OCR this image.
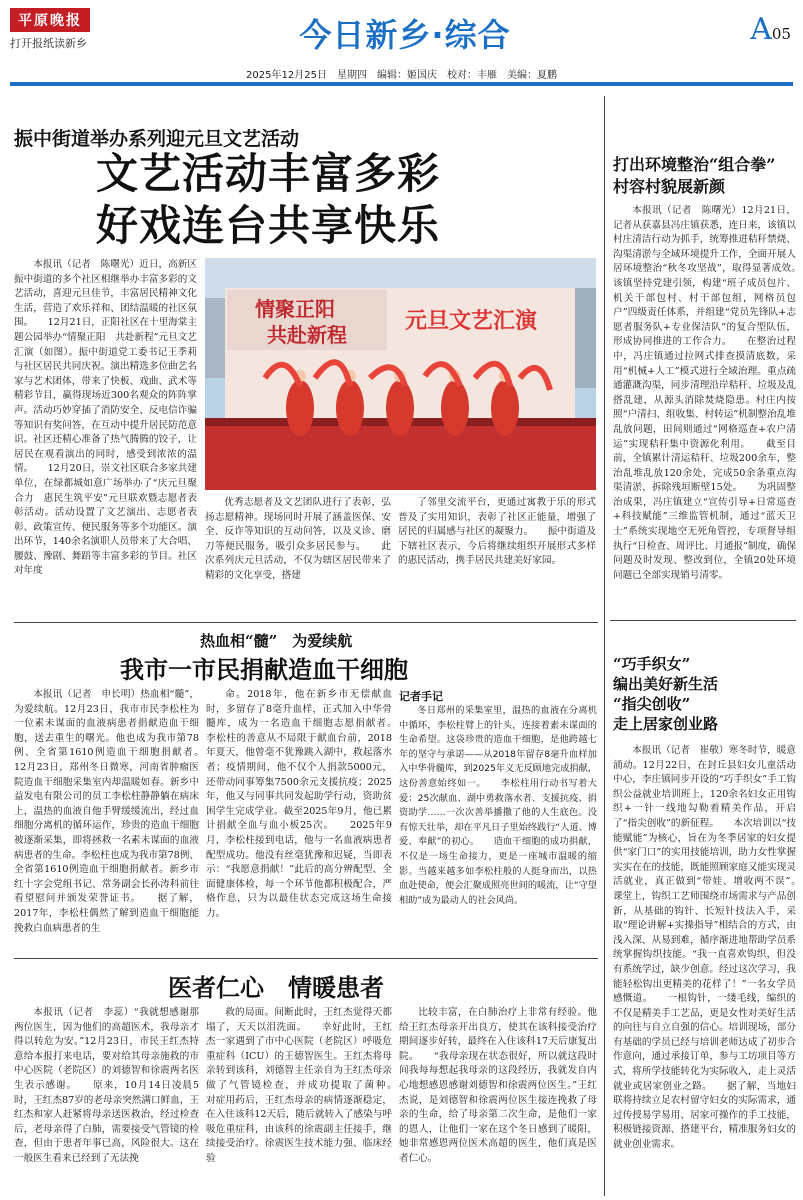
平原晚报
打开报纸读新乡	今日新乡·综合	A05
2025年12月25日　星期四　编辑：姬国庆　校对：丰雁　美编：夏鹏
振中街道举办系列迎元旦文艺活动
文艺活动丰富多彩
好戏连台共享快乐

本报讯（记者　陈曙光）近日，高新区振中街道的多个社区相继举办丰富多彩的文艺活动，喜迎元旦佳节，丰富居民精神文化生活，营造了欢乐祥和、团结温暖的社区氛围。　　12月21日，正阳社区在十里海棠主题公园举办“情聚正阳　共赴新程”元旦文艺汇演（如图）。振中街道党工委书记王季莉与社区居民共同庆祝。演出精选多位曲艺名家与艺术团体，带来了快板、戏曲、武术等精彩节目，赢得现场近300名观众的阵阵掌声。活动巧妙穿插了消防安全、反电信诈骗等知识有奖问答，在互动中提升居民防范意识。社区还精心准备了热气腾腾的饺子，让居民在观看演出的同时，感受到浓浓的温情。　　12月20日，崇文社区联合多家共建单位，在绿都城如意广场举办了“庆元旦聚合力　惠民生筑平安”元旦联欢暨志愿者表彰活动。活动设置了文艺演出、志愿者表彰、政策宣传、便民服务等多个功能区。演出环节，140余名演职人员带来了大合唱、腰鼓、豫剧、舞蹈等丰富多彩的节目。社区对年度

情聚正阳
共赴新程
元旦文艺汇演

优秀志愿者及文艺团队进行了表彰，弘扬志愿精神。现场同时开展了涵盖医保、安全、反诈等知识的互动问答，以及义诊、磨刀等便民服务，吸引众多居民参与。　　此次系列庆元旦活动，不仅为辖区居民带来了精彩的文化享受，搭建

了邻里交流平台，更通过寓教于乐的形式普及了实用知识，表彰了社区正能量，增强了居民的归属感与社区的凝聚力。　　振中街道及下辖社区表示，今后将继续组织开展形式多样的惠民活动，携手居民共建美好家园。

打出环境整治“组合拳”
村容村貌展新颜

本报讯（记者　陈曙光）12月21日，记者从获嘉县冯庄镇获悉，连日来，该镇以村庄清洁行动为抓手，统筹推进秸秆禁烧、沟渠清淤与全域环境提升工作，全面开展人居环境整治“秋冬攻坚战”，取得显著成效。　　该镇坚持党建引领，构建“班子成员包片、机关干部包村、村干部包组，网格员包户”四级责任体系，并组建“党员先锋队+志愿者服务队+专业保洁队”的复合型队伍，形成协同推进的工作合力。　　在整治过程中，冯庄镇通过拉网式排查摸清底数，采用“机械+人工”模式进行全域治理。重点疏通灌溉沟渠，同步清理沿岸秸秆、垃圾及乱搭乱建，从源头消除焚烧隐患。村庄内按照“户清扫、组收集、村转运”机制整治乱堆乱放问题，田间则通过“网格巡查+农户清运”实现秸秆集中资源化利用。　　截至目前，全镇累计清运秸秆、垃圾200余车，整治乱堆乱放120余处，完成50余条重点沟渠清淤，拆除残垣断壁15处。　　为巩固整治成果，冯庄镇建立“宣传引导+日常巡查+科技赋能”三维监管机制，通过“蓝天卫士”系统实现地空无死角管控，专项督导组执行“日检查、周评比、月通报”制度，确保问题及时发现、整改到位，全镇20处环境问题已全部实现销号清零。

热血相“髓”　为爱续航
我市一市民捐献造血干细胞

本报讯（记者　申长明）热血相“髓”，为爱续航。12月23日，我市市民李松柱为一位素未谋面的血液病患者捐献造血干细胞，送去重生的曙光。他也成为我市第78例、全省第1610例造血干细胞捐献者。　　12月23日，郑州冬日微寒，河南省肿瘤医院造血干细胞采集室内却温暖如春。新乡中益发电有限公司的员工李松柱静静躺在病床上，温热的血液自他手臂缓缓流出，经过血细胞分离机的循环运作，珍贵的造血干细胞被逐渐采集，即将拯救一名素未谋面的血液病患者的生命。李松柱也成为我市第78例、全省第1610例造血干细胞捐献者。新乡市红十字会党组书记、常务副会长孙涛科前往看望慰问并颁发荣誉证书。　　据了解，2017年，李松柱偶然了解到造血干细胞能挽救白血病患者的生

命。2018年，他在新乡市无偿献血时，多留存了8毫升血样，正式加入中华骨髓库，成为一名造血干细胞志愿捐献者。　　李松柱的善意从不局限于献血台前，2018年夏天，他曾毫不犹豫跳入湖中，救起落水者；疫情期间，他不仅个人捐款5000元，还带动同事筹集7500余元支援抗疫；2025年，他又与同事共同发起助学行动，资助贫困学生完成学业。截至2025年9月，他已累计捐献全血与血小板25次。　　2025年9月，李松柱接到电话，他与一名血液病患者配型成功。他没有丝毫犹豫和迟疑，当即表示：“我愿意捐献！”此后的高分辨配型、全面健康体检，每一个环节他都积极配合，严格作息，只为以最佳状态完成这场生命接力。

记者手记

冬日郑州的采集室里，温热的血液在分离机中循环，李松柱臂上的针头，连接着素未谋面的生命希望。这袋珍贵的造血干细胞，是他跨越七年的坚守与承诺——从2018年留存8毫升血样加入中华骨髓库，到2025年义无反顾地完成捐献，这份善意始终如一。　　李松柱用行动书写着大爱：25次献血、湖中勇救落水者、支援抗疫、捐资助学……一次次善举播撒了他的人生底色。没有惊天壮举，却在平凡日子里始终践行“人道、博爱、奉献”的初心。　　造血干细胞的成功捐献，不仅是一场生命接力，更是一座城市温暖的缩影。当越来越多如李松柱般的人挺身而出，以热血赴使命，便会汇聚成照亮世间的暖流，让“守望相助”成为最动人的社会风尚。

“巧手织女”
编出美好新生活
“指尖创收”
走上居家创业路

本报讯（记者　崔敬）寒冬时节，暖意涌动。12月22日，在封丘县妇女儿童活动中心，李庄镇同步开设的“巧手织女”手工钩织公益就业培训班上，120余名妇女正用钩织+一针一线地勾勒着精美作品，开启了“指尖创收”的新征程。　　本次培训以“技能赋能”为核心，旨在为冬季居家的妇女提供“家门口”的实用技能培训，助力女性掌握实实在在的技能，既能照顾家庭又能实现灵活就业，真正做到“带娃、增收两不误”。　　课堂上，钩织工艺师围绕市场需求与产品创新，从基础的钩针、长短针技法入手，采取“理论讲解+实操指导”相结合的方式，由浅入深、从易到难，循序渐进地帮助学员系统掌握钩织技能。“我一直喜欢钩织，但没有系统学过，缺少创意。经过这次学习，我能轻松钩出更精美的花样了！”一名女学员感慨道。　　一根钩针，一缕毛线，编织的不仅是精美手工艺品，更是女性对美好生活的向往与自立自强的信心。培训现场，部分有基础的学员已经与培训老师达成了初步合作意向，通过承接订单，参与工坊项目等方式，将所学技能转化为实际收入，走上灵活就业或居家创业之路。　　据了解，当地妇联将持续立足农村留守妇女的实际需求，通过传授易学易用、居家可操作的手工技能，积极链接资源、搭建平台，精准服务妇女的就业创业需求。

医者仁心　情暖患者

本报讯（记者　李蕊）“我就想感谢那两位医生，因为他们的高超医术，我母亲才得以转危为安。”12月23日，市民王红杰特意给本报打来电话，要对给其母亲施救的市中心医院（老院区）的刘德智和徐震两名医生表示感谢。　　原来，10月14日凌晨5时，王红杰87岁的老母亲突然满口鲜血，王红杰和家人赶紧将母亲送医救治，经过检查后，老母亲得了白肺，需要接受气管镜的检查，但由于患者年事已高，风险很大。这在一般医生看来已经到了无法挽

救的局面。间断此时，王红杰觉得天都塌了，天天以泪洗面。　　幸好此时，王红杰一家遇到了市中心医院（老院区）呼吸危重症科（ICU）的王德智医生。王红杰将母亲转到该科，刘德智主任亲自为王红杰母亲做了气管镜检查，并成功提取了菌种。　　对症用药后，王红杰母亲的病情逐渐稳定，在入住该科12天后，随后就转入了感染与呼吸危重症科，由该科的徐震副主任接手，继续接受治疗。徐震医生技术能力强、临床经验

比较丰富，在白肺治疗上非常有经验。他给王红杰母亲开出良方，使其在该科接受治疗期间逐步好转，最终在入住该科17天后康复出院。　　“我母亲现在状态很好，所以就这段时间我每每想起我母亲的这段经历，我就发自内心地想感恩感谢刘德智和徐震两位医生。”王红杰说，是刘德智和徐震两位医生接连挽救了母亲的生命，给了母亲第二次生命，是他们一家的恩人，让他们一家在这个冬日感到了暖阳，她非常感恩两位医术高超的医生，他们真是医者仁心。
